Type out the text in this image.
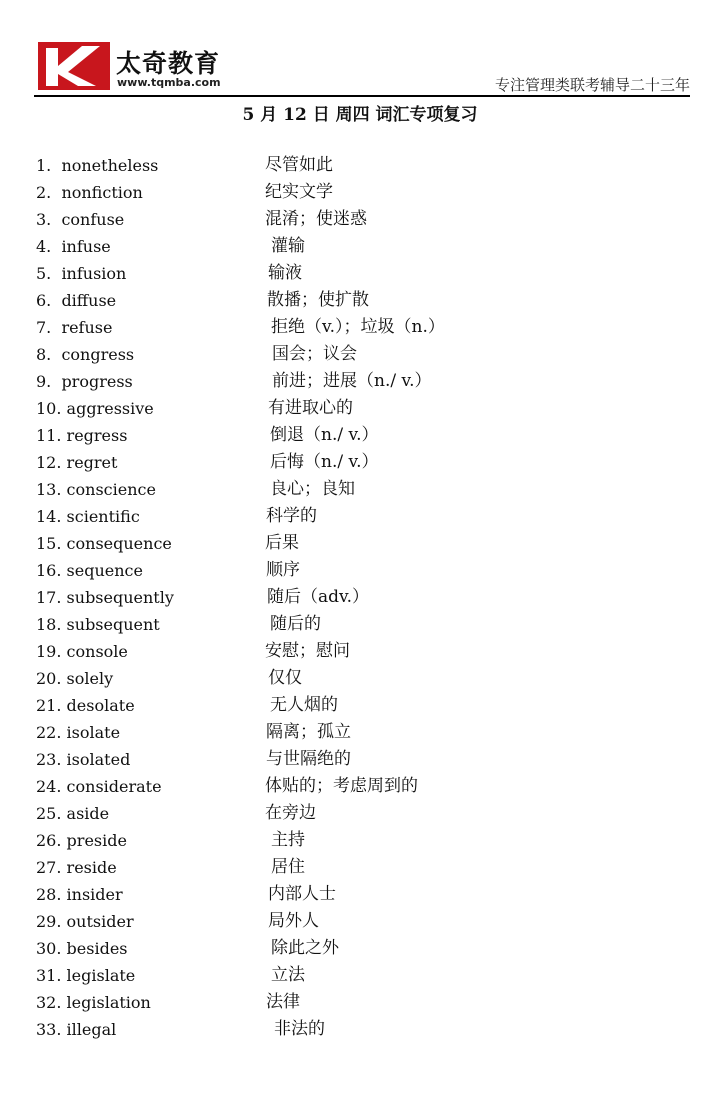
太奇教育
www.tqmba.com	专注管理类联考辅导二十三年
5 月 12 日 周四 词汇专项复习
1. nonetheless	尽管如此
2. nonfiction	纪实文学
3. confuse	混淆；使迷惑
4. infuse	灌输
5. infusion	输液
6. diffuse	散播；使扩散
7. refuse	拒绝（v.）；垃圾（n.）
8. congress	国会；议会
9. progress	前进；进展（n./ v.）
10. aggressive	有进取心的
11. regress	倒退（n./ v.）
12. regret	后悔（n./ v.）
13. conscience	良心；良知
14. scientific	科学的
15. consequence	后果
16. sequence	顺序
17. subsequently	随后（adv.）
18. subsequent	随后的
19. console	安慰；慰问
20. solely	仅仅
21. desolate	无人烟的
22. isolate	隔离；孤立
23. isolated	与世隔绝的
24. considerate	体贴的；考虑周到的
25. aside	在旁边
26. preside	主持
27. reside	居住
28. insider	内部人士
29. outsider	局外人
30. besides	除此之外
31. legislate	立法
32. legislation	法律
33. illegal	非法的
